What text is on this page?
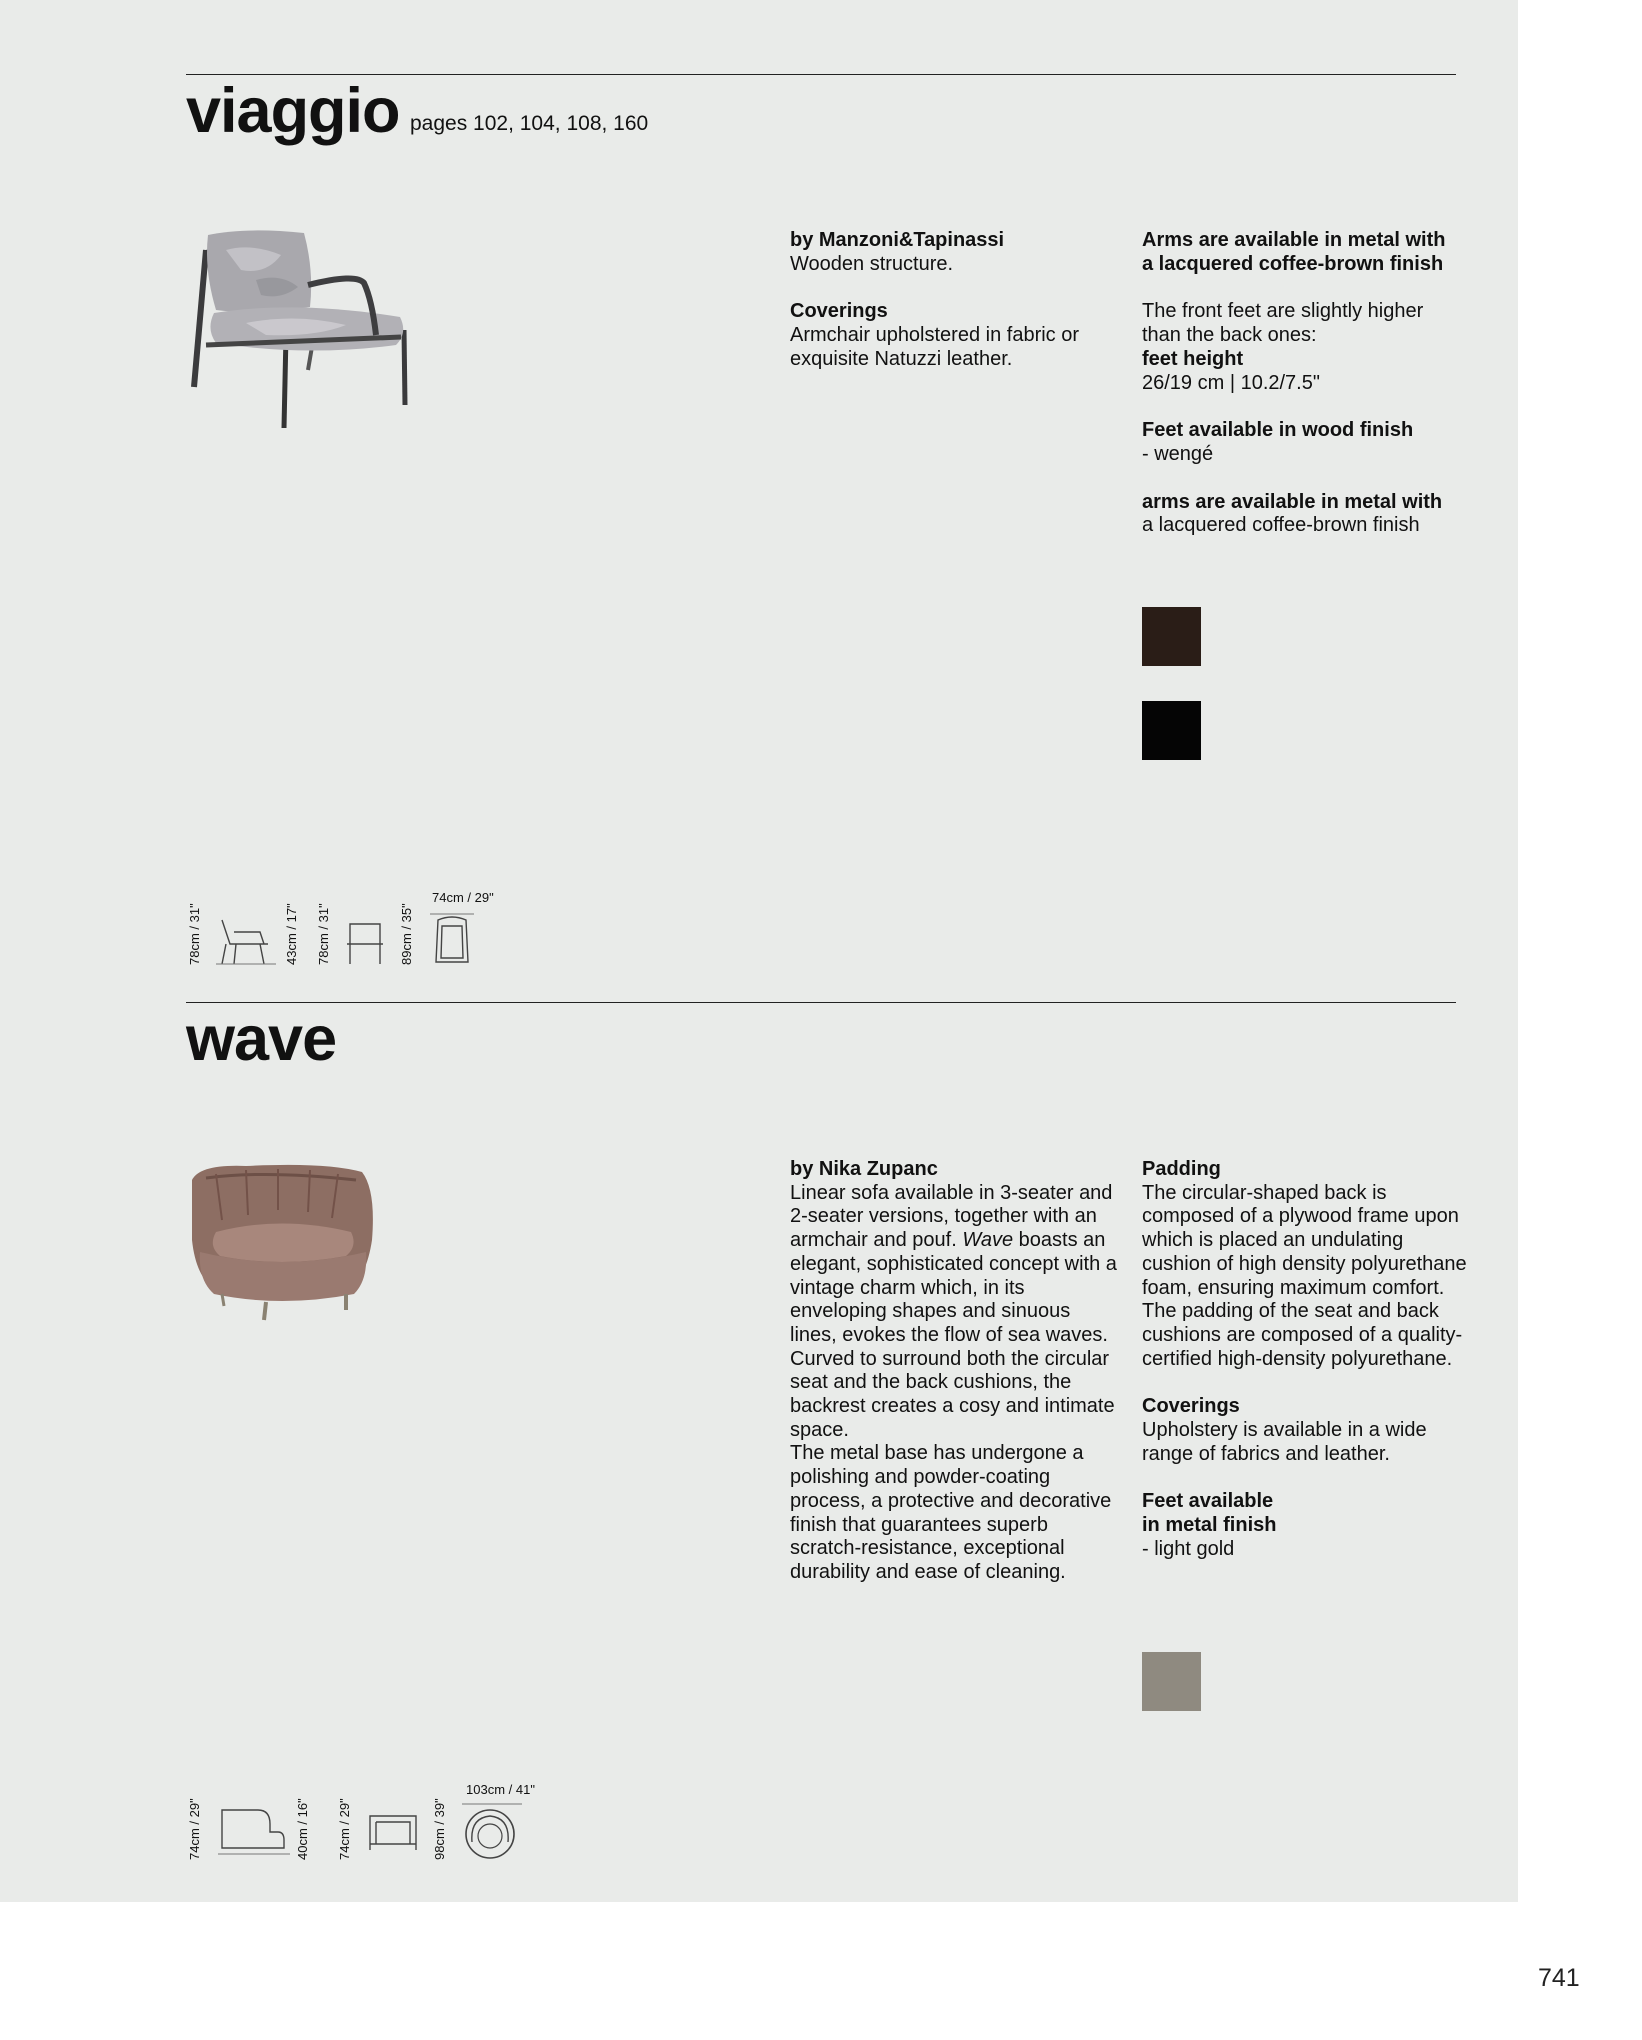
viaggio pages 102, 104, 108, 160

by Manzoni&Tapinassi
Wooden structure.

Coverings
Armchair upholstered in fabric or exquisite Natuzzi leather.

Arms are available in metal with a lacquered coffee-brown finish

The front feet are slightly higher than the back ones:
feet height
26/19 cm | 10.2/7.5"

Feet available in wood finish
- wengé

arms are available in metal with
a lacquered coffee-brown finish

78cm / 31"	43cm / 17" 78cm / 31"	89cm / 35"
74cm / 29"
wave

by Nika Zupanc
Linear sofa available in 3-seater and 2-seater versions, together with an armchair and pouf. Wave boasts an elegant, sophisticated concept with a vintage charm which, in its enveloping shapes and sinuous lines, evokes the flow of sea waves.
Curved to surround both the circular seat and the back cushions, the backrest creates a cosy and intimate space.
The metal base has undergone a polishing and powder-coating process, a protective and decorative finish that guarantees superb scratch-resistance, exceptional durability and ease of cleaning.

Padding
The circular-shaped back is composed of a plywood frame upon which is placed an undulating cushion of high density polyurethane foam, ensuring maximum comfort.
The padding of the seat and back cushions are composed of a quality-certified high-density polyurethane.

Coverings
Upholstery is available in a wide range of fabrics and leather.

Feet available
in metal finish
- light gold

74cm / 29"	40cm / 16" 74cm / 29"	98cm / 39"
103cm / 41"
741
